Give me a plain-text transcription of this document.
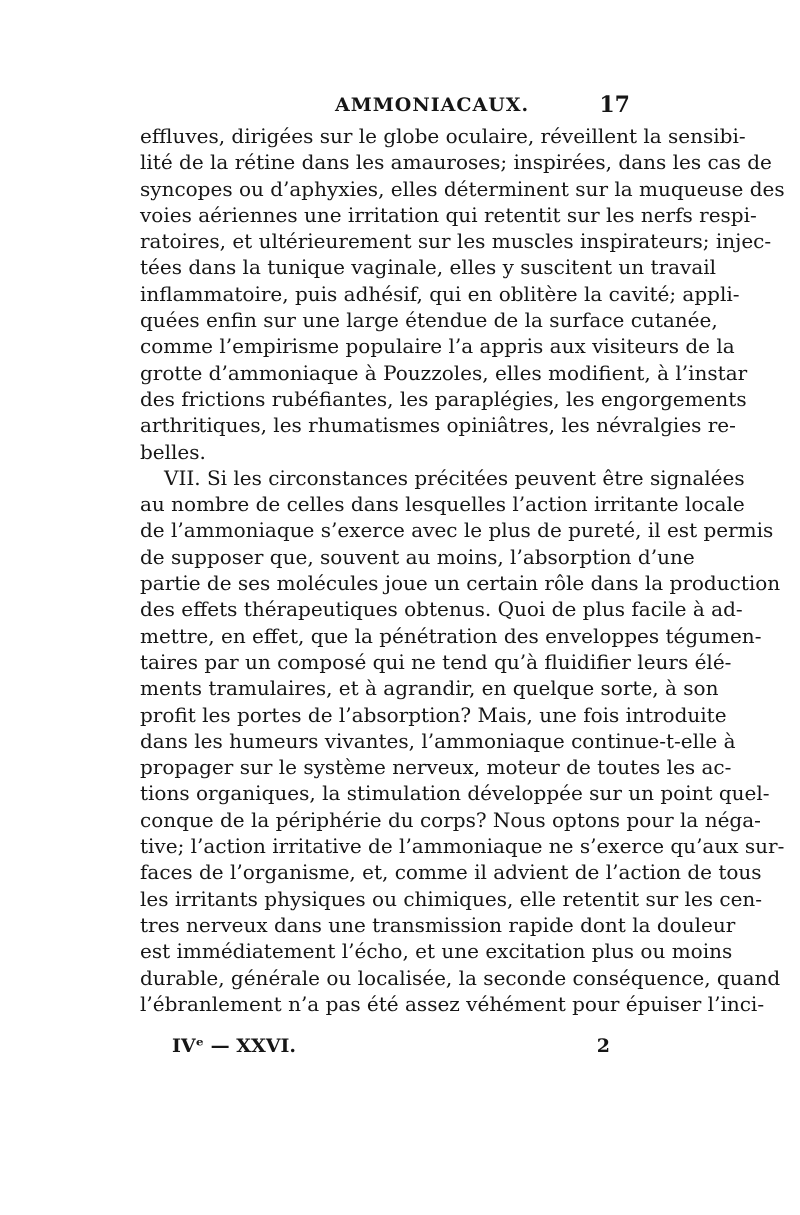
AMMONIACAUX.	17
effluves, dirigées sur le globe oculaire, réveillent la sensibi-
lité de la rétine dans les amauroses; inspirées, dans les cas de
syncopes ou d’aphyxies, elles déterminent sur la muqueuse des
voies aériennes une irritation qui retentit sur les nerfs respi-
ratoires, et ultérieurement sur les muscles inspirateurs; injec-
tées dans la tunique vaginale, elles y suscitent un travail
inflammatoire, puis adhésif, qui en oblitère la cavité; appli-
quées enfin sur une large étendue de la surface cutanée,
comme l’empirisme populaire l’a appris aux visiteurs de la
grotte d’ammoniaque à Pouzzoles, elles modifient, à l’instar
des frictions rubéfiantes, les paraplégies, les engorgements
arthritiques, les rhumatismes opiniâtres, les névralgies re-
belles.
VII. Si les circonstances précitées peuvent être signalées
au nombre de celles dans lesquelles l’action irritante locale
de l’ammoniaque s’exerce avec le plus de pureté, il est permis
de supposer que, souvent au moins, l’absorption d’une
partie de ses molécules joue un certain rôle dans la production
des effets thérapeutiques obtenus. Quoi de plus facile à ad-
mettre, en effet, que la pénétration des enveloppes tégumen-
taires par un composé qui ne tend qu’à fluidifier leurs élé-
ments tramulaires, et à agrandir, en quelque sorte, à son
profit les portes de l’absorption? Mais, une fois introduite
dans les humeurs vivantes, l’ammoniaque continue-t-elle à
propager sur le système nerveux, moteur de toutes les ac-
tions organiques, la stimulation développée sur un point quel-
conque de la périphérie du corps? Nous optons pour la néga-
tive; l’action irritative de l’ammoniaque ne s’exerce qu’aux sur-
faces de l’organisme, et, comme il advient de l’action de tous
les irritants physiques ou chimiques, elle retentit sur les cen-
tres nerveux dans une transmission rapide dont la douleur
est immédiatement l’écho, et une excitation plus ou moins
durable, générale ou localisée, la seconde conséquence, quand
l’ébranlement n’a pas été assez véhément pour épuiser l’inci-
IVᵉ — XXVI.	2
